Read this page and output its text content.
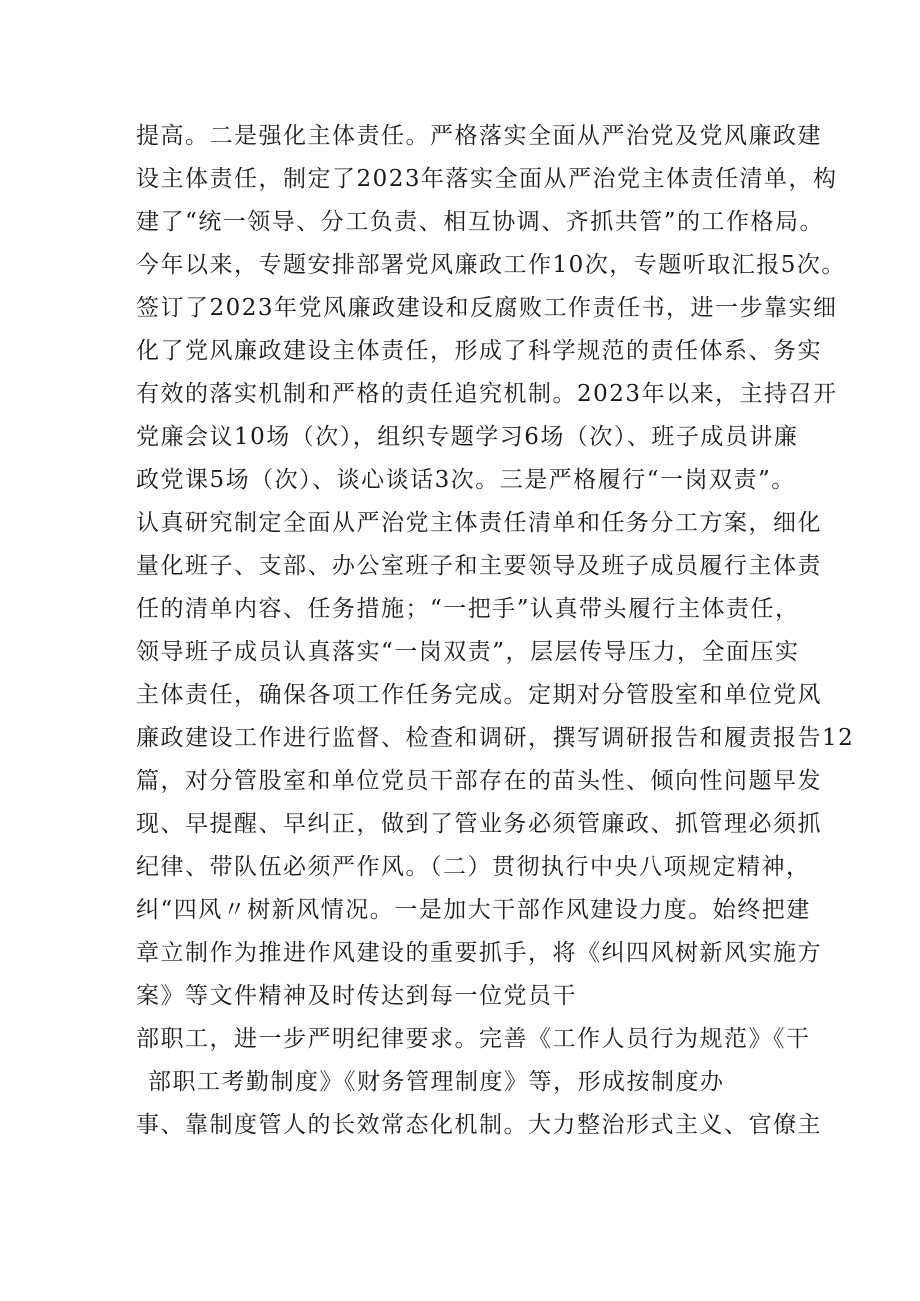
提高。二是强化主体责任。严格落实全面从严治党及党风廉政建
设主体责任，制定了2023年落实全面从严治党主体责任清单，构
建了“统一领导、分工负责、相互协调、齐抓共管”的工作格局。
今年以来，专题安排部署党风廉政工作10次，专题听取汇报5次。
签订了2023年党风廉政建设和反腐败工作责任书，进一步靠实细
化了党风廉政建设主体责任，形成了科学规范的责任体系、务实
有效的落实机制和严格的责任追究机制。2023年以来，主持召开
党廉会议10场（次），组织专题学习6场（次）、班子成员讲廉
政党课5场（次）、谈心谈话3次。三是严格履行“一岗双责”。
认真研究制定全面从严治党主体责任清单和任务分工方案，细化
量化班子、支部、办公室班子和主要领导及班子成员履行主体责
任的清单内容、任务措施；“一把手”认真带头履行主体责任，
领导班子成员认真落实“一岗双责”，层层传导压力，全面压实
主体责任，确保各项工作任务完成。定期对分管股室和单位党风
廉政建设工作进行监督、检查和调研，撰写调研报告和履责报告12
篇，对分管股室和单位党员干部存在的苗头性、倾向性问题早发
现、早提醒、早纠正，做到了管业务必须管廉政、抓管理必须抓
纪律、带队伍必须严作风。（二）贯彻执行中央八项规定精神，
纠“四风〃树新风情况。一是加大干部作风建设力度。始终把建
章立制作为推进作风建设的重要抓手，将《纠四风树新风实施方
案》等文件精神及时传达到每一位党员干
部职工，进一步严明纪律要求。完善《工作人员行为规范》《干
部职工考勤制度》《财务管理制度》等，形成按制度办
事、靠制度管人的长效常态化机制。大力整治形式主义、官僚主
